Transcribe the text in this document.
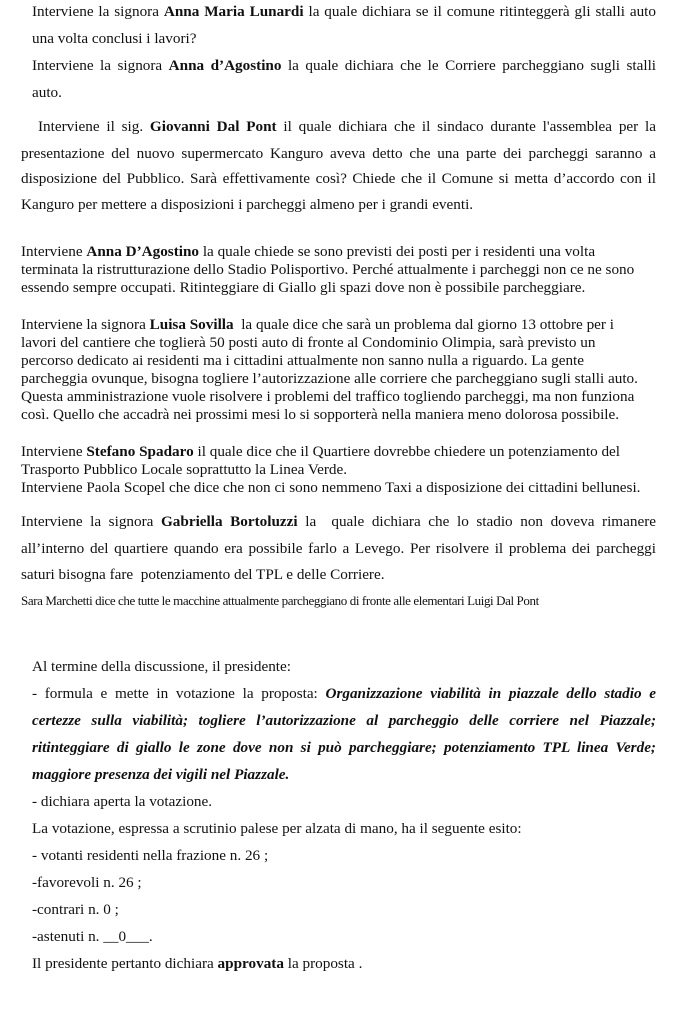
Interviene la signora Anna Maria Lunardi la quale dichiara se il comune ritinteggerà gli stalli auto
una volta conclusi i lavori?
Interviene la signora Anna d’Agostino la quale dichiara che le Corriere parcheggiano sugli stalli
auto.
Interviene il sig. Giovanni Dal Pont il quale dichiara che il sindaco durante l'assemblea per la
presentazione del nuovo supermercato Kanguro aveva detto che una parte dei parcheggi saranno a
disposizione del Pubblico. Sarà effettivamente così? Chiede che il Comune si metta d’accordo con il
Kanguro per mettere a disposizioni i parcheggi almeno per i grandi eventi.
Interviene Anna D’Agostino la quale chiede se sono previsti dei posti per i residenti una volta
terminata la ristrutturazione dello Stadio Polisportivo. Perché attualmente i parcheggi non ce ne sono
essendo sempre occupati. Ritinteggiare di Giallo gli spazi dove non è possibile parcheggiare.
Interviene la signora Luisa Sovilla  la quale dice che sarà un problema dal giorno 13 ottobre per i
lavori del cantiere che toglierà 50 posti auto di fronte al Condominio Olimpia, sarà previsto un
percorso dedicato ai residenti ma i cittadini attualmente non sanno nulla a riguardo. La gente
parcheggia ovunque, bisogna togliere l’autorizzazione alle corriere che parcheggiano sugli stalli auto.
Questa amministrazione vuole risolvere i problemi del traffico togliendo parcheggi, ma non funziona
così. Quello che accadrà nei prossimi mesi lo si sopporterà nella maniera meno dolorosa possibile.
Interviene Stefano Spadaro il quale dice che il Quartiere dovrebbe chiedere un potenziamento del
Trasporto Pubblico Locale soprattutto la Linea Verde.
Interviene Paola Scopel che dice che non ci sono nemmeno Taxi a disposizione dei cittadini bellunesi.
Interviene la signora Gabriella Bortoluzzi la  quale dichiara che lo stadio non doveva rimanere
all’interno del quartiere quando era possibile farlo a Levego. Per risolvere il problema dei parcheggi
saturi bisogna fare  potenziamento del TPL e delle Corriere.
Sara Marchetti dice che tutte le macchine attualmente parcheggiano di fronte alle elementari Luigi Dal Pont
Al termine della discussione, il presidente:
- formula e mette in votazione la proposta: Organizzazione viabilità in piazzale dello stadio e
certezze sulla viabilità; togliere l’autorizzazione al parcheggio delle corriere nel Piazzale;
ritinteggiare di giallo le zone dove non si può parcheggiare; potenziamento TPL linea Verde;
maggiore presenza dei vigili nel Piazzale.
- dichiara aperta la votazione.
La votazione, espressa a scrutinio palese per alzata di mano, ha il seguente esito:
- votanti residenti nella frazione n. 26 ;
-favorevoli n. 26 ;
-contrari n. 0 ;
-astenuti n. __0___.
Il presidente pertanto dichiara approvata la proposta .
